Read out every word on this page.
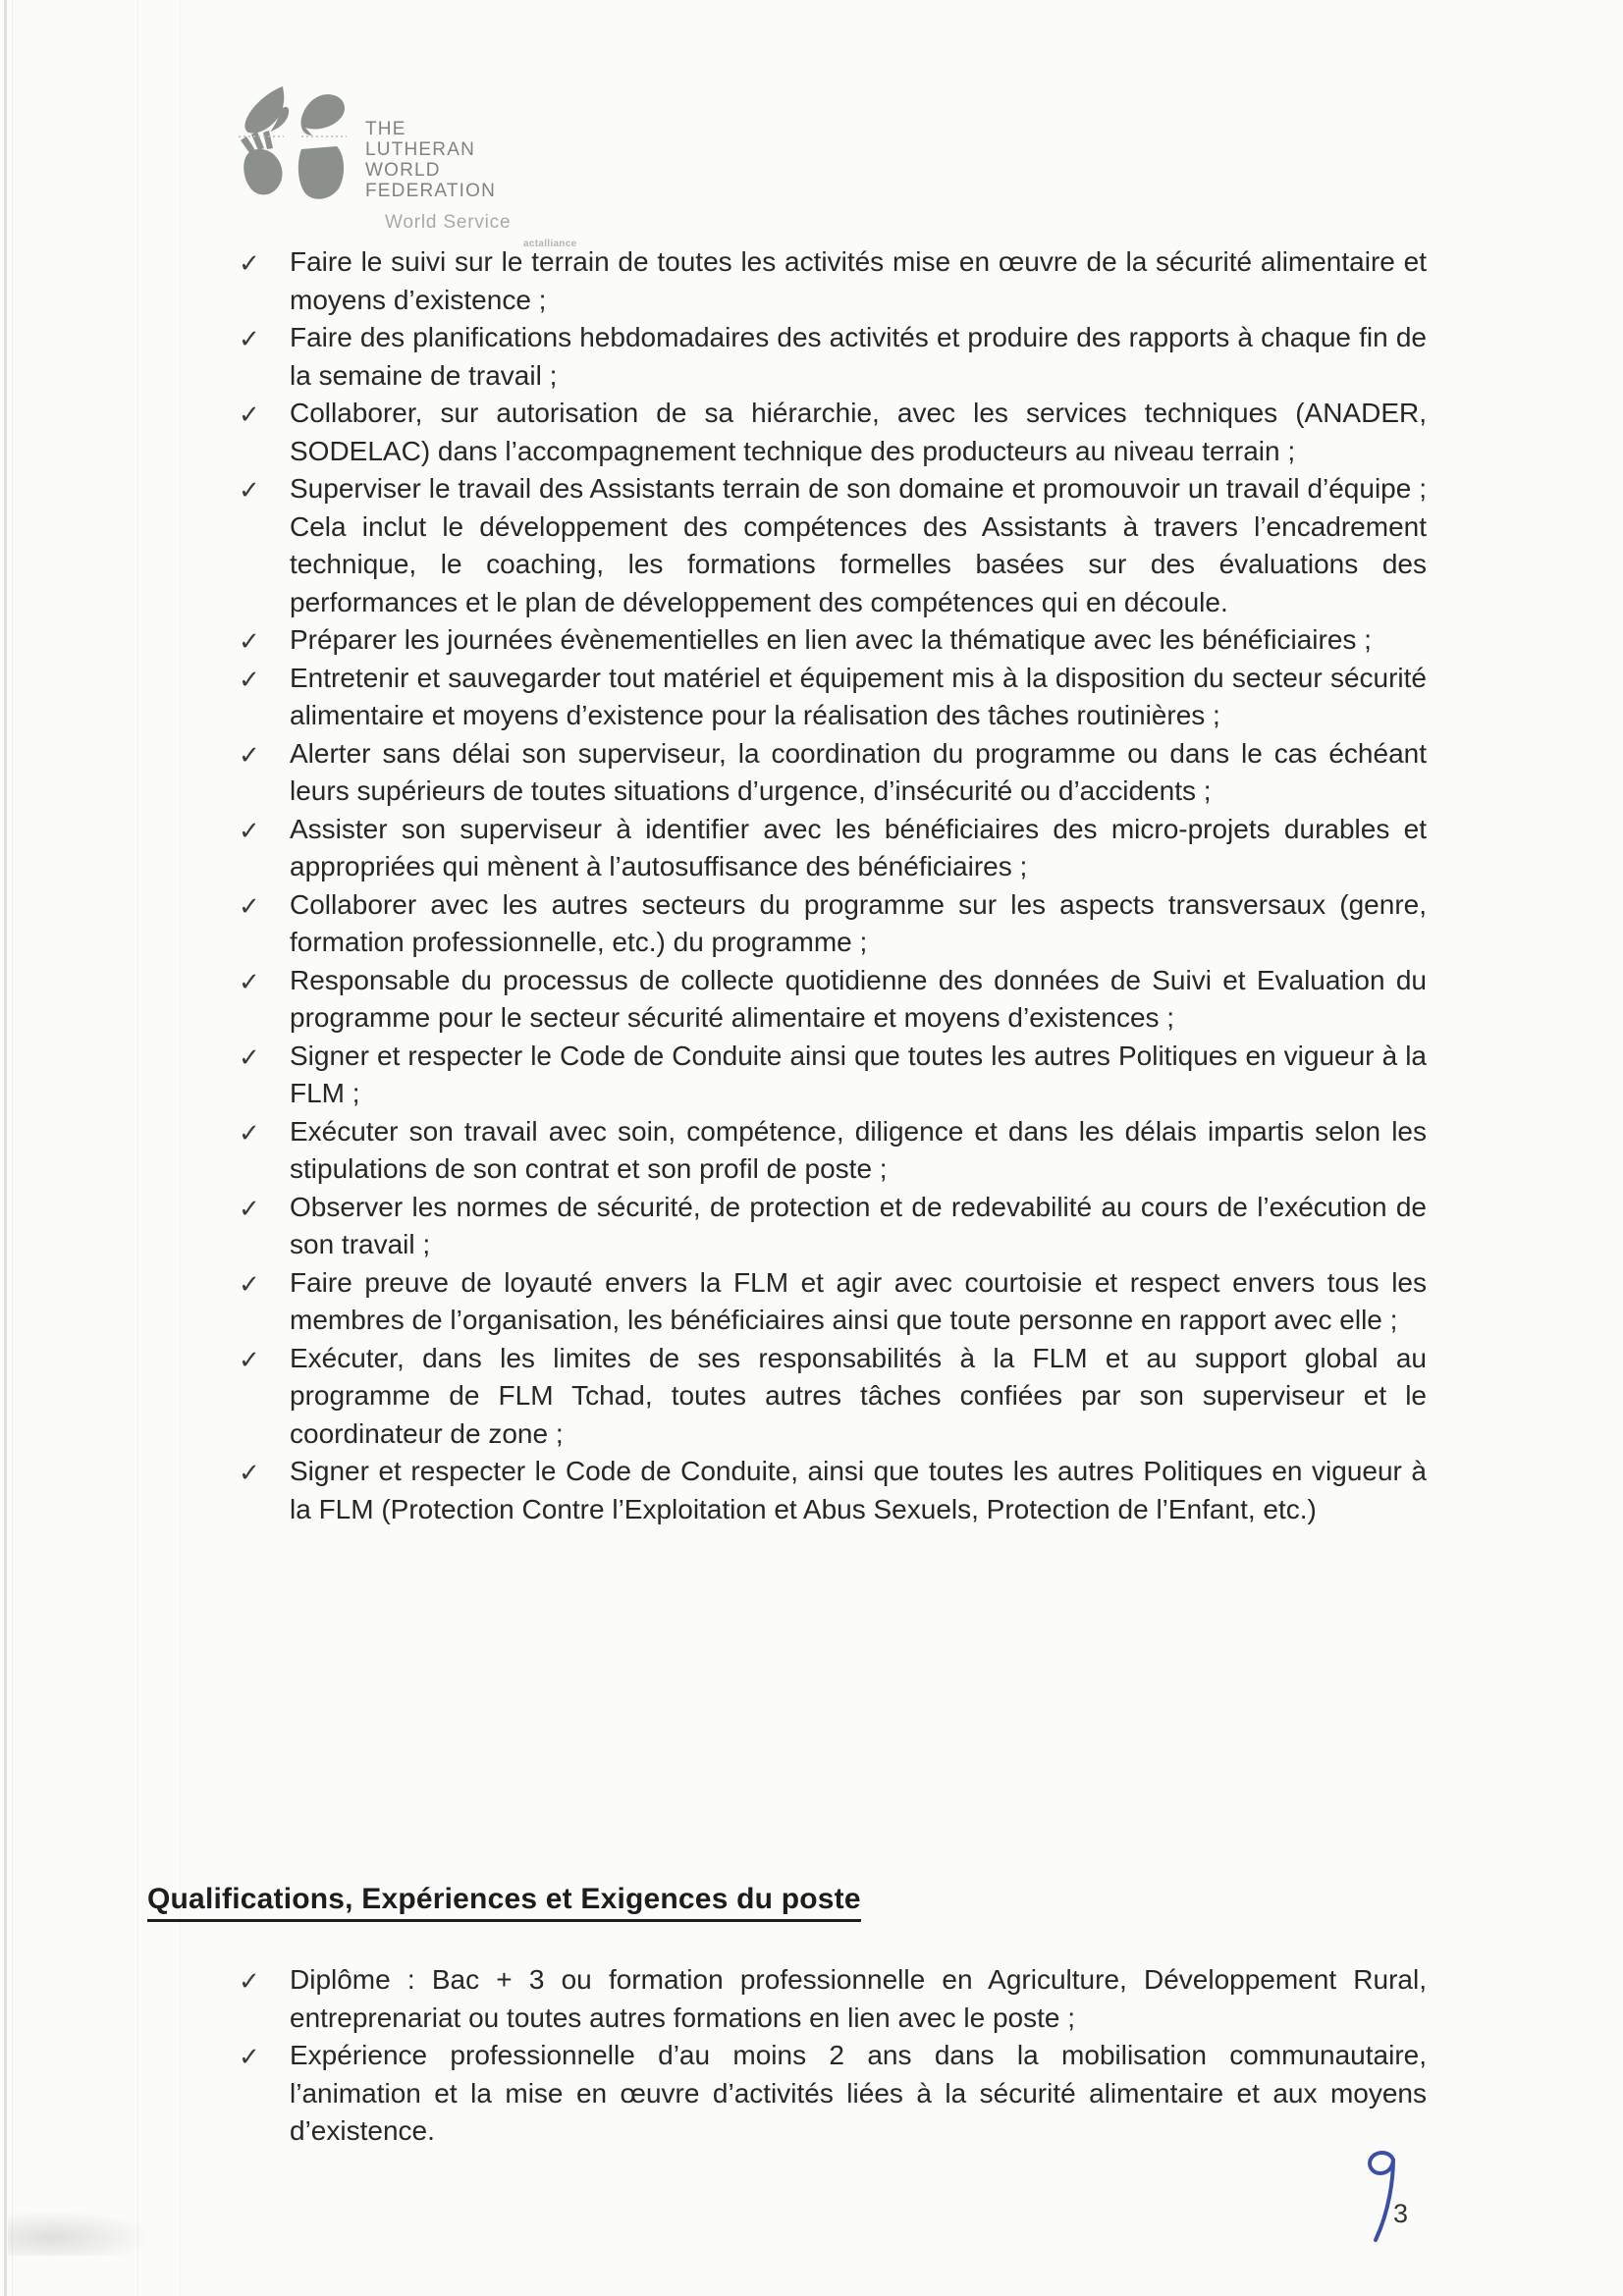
THE
LUTHERAN
WORLD
FEDERATION
World Service
actalliance
✓ Faire le suivi sur le terrain de toutes les activités mise en œuvre de la sécurité alimentaire et moyens d’existence ;
✓ Faire des planifications hebdomadaires des activités et produire des rapports à chaque fin de la semaine de travail ;
✓ Collaborer, sur autorisation de sa hiérarchie, avec les services techniques (ANADER, SODELAC) dans l’accompagnement technique des producteurs au niveau terrain ;
✓ Superviser le travail des Assistants terrain de son domaine et promouvoir un travail d’équipe ; Cela inclut le développement des compétences des Assistants à travers l’encadrement technique, le coaching, les formations formelles basées sur des évaluations des performances et le plan de développement des compétences qui en découle.
✓ Préparer les journées évènementielles en lien avec la thématique avec les bénéficiaires ;
✓ Entretenir et sauvegarder tout matériel et équipement mis à la disposition du secteur sécurité alimentaire et moyens d’existence pour la réalisation des tâches routinières ;
✓ Alerter sans délai son superviseur, la coordination du programme ou dans le cas échéant leurs supérieurs de toutes situations d’urgence, d’insécurité ou d’accidents ;
✓ Assister son superviseur à identifier avec les bénéficiaires des micro-projets durables et appropriées qui mènent à l’autosuffisance des bénéficiaires ;
✓ Collaborer avec les autres secteurs du programme sur les aspects transversaux (genre, formation professionnelle, etc.) du programme ;
✓ Responsable du processus de collecte quotidienne des données de Suivi et Evaluation du programme pour le secteur sécurité alimentaire et moyens d’existences ;
✓ Signer et respecter le Code de Conduite ainsi que toutes les autres Politiques en vigueur à la FLM ;
✓ Exécuter son travail avec soin, compétence, diligence et dans les délais impartis selon les stipulations de son contrat et son profil de poste ;
✓ Observer les normes de sécurité, de protection et de redevabilité au cours de l’exécution de son travail ;
✓ Faire preuve de loyauté envers la FLM et agir avec courtoisie et respect envers tous les membres de l’organisation, les bénéficiaires ainsi que toute personne en rapport avec elle ;
✓ Exécuter, dans les limites de ses responsabilités à la FLM et au support global au programme de FLM Tchad, toutes autres tâches confiées par son superviseur et le coordinateur de zone ;
✓ Signer et respecter le Code de Conduite, ainsi que toutes les autres Politiques en vigueur à la FLM (Protection Contre l’Exploitation et Abus Sexuels, Protection de l’Enfant, etc.)
Qualifications, Expériences et Exigences du poste
✓ Diplôme : Bac + 3 ou formation professionnelle en Agriculture, Développement Rural, entreprenariat ou toutes autres formations en lien avec le poste ;
✓ Expérience professionnelle d’au moins 2 ans dans la mobilisation communautaire, l’animation et la mise en œuvre d’activités liées à la sécurité alimentaire et aux moyens d’existence.
3
